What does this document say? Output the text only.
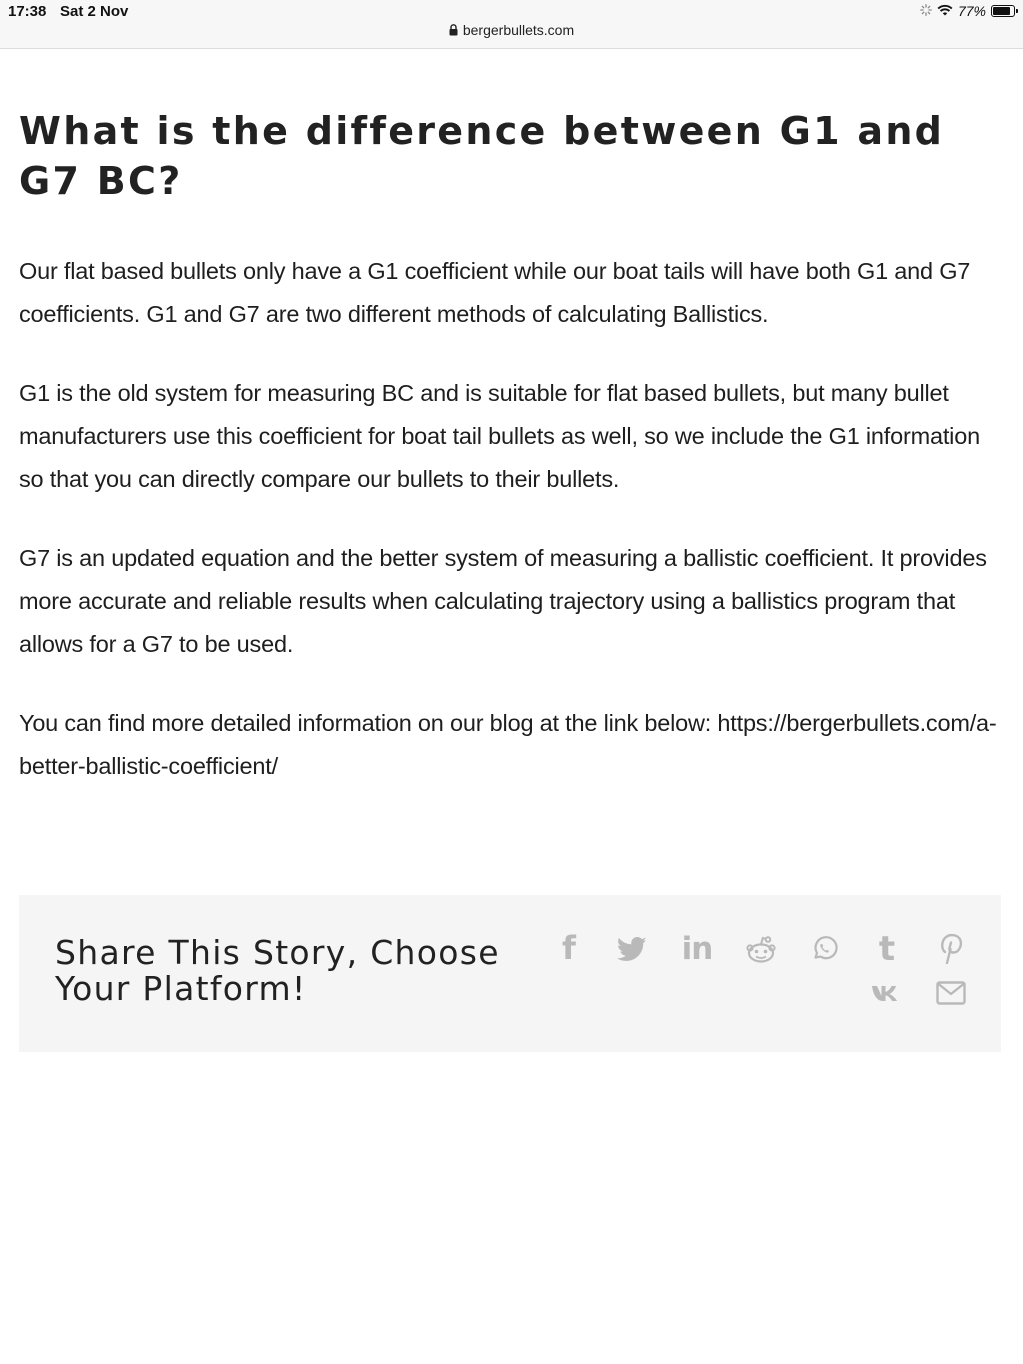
17:38 Sat 2 Nov	77%
bergerbullets.com
What is the difference between G1 and G7 BC?

Our flat based bullets only have a G1 coefficient while our boat tails will have both G1 and G7 coefficients. G1 and G7 are two different methods of calculating Ballistics.

G1 is the old system for measuring BC and is suitable for flat based bullets, but many bullet manufacturers use this coefficient for boat tail bullets as well, so we include the G1 information so that you can directly compare our bullets to their bullets.

G7 is an updated equation and the better system of measuring a ballistic coefficient. It provides more accurate and reliable results when calculating trajectory using a ballistics program that allows for a G7 to be used.

You can find more detailed information on our blog at the link below: https://bergerbullets.com/a-better-ballistic-coefficient/

Share This Story, Choose Your Platform!
f	in	t
